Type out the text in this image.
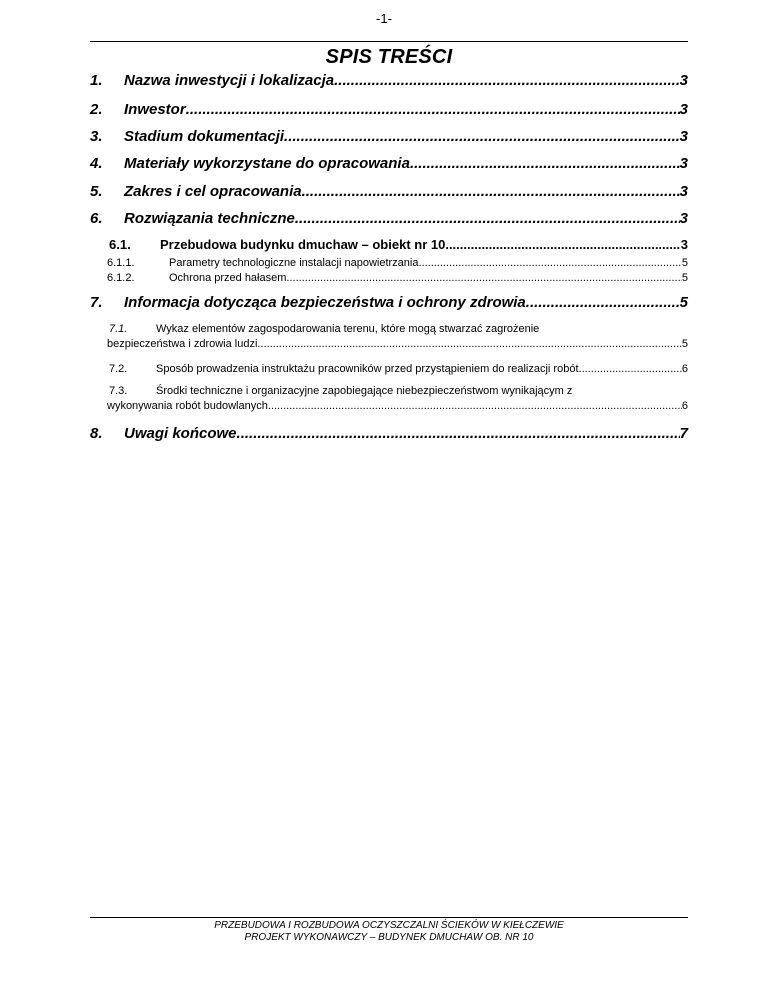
-1-
SPIS TREŚCI
1.	Nazwa inwestycji i lokalizacja .....	3
2.	Inwestor .....	3
3.	Stadium dokumentacji .....	3
4.	Materiały wykorzystane do opracowania .....	3
5.	Zakres i cel opracowania .....	3
6.	Rozwiązania techniczne .....	3
6.1.	Przebudowa budynku dmuchaw – obiekt nr 10 .....	3
6.1.1.	Parametry technologiczne instalacji napowietrzania. .....	5
6.1.2.	Ochrona przed hałasem. .....	5
7.	Informacja dotycząca bezpieczeństwa i ochrony zdrowia. .....	5
7.1.	Wykaz elementów zagospodarowania terenu, które mogą stwarzać zagrożenie
bezpieczeństwa i zdrowia ludzi. .....	5
7.2.	Sposób prowadzenia instruktażu pracowników przed przystąpieniem do realizacji robót. .....	6
7.3.	Środki techniczne i organizacyjne zapobiegające niebezpieczeństwom wynikającym z
wykonywania robót budowlanych .....	6
8.	Uwagi końcowe .....	7
PRZEBUDOWA I ROZBUDOWA OCZYSZCZALNI ŚCIEKÓW W KIEŁCZEWIE
PROJEKT WYKONAWCZY – BUDYNEK DMUCHAW OB. NR 10
